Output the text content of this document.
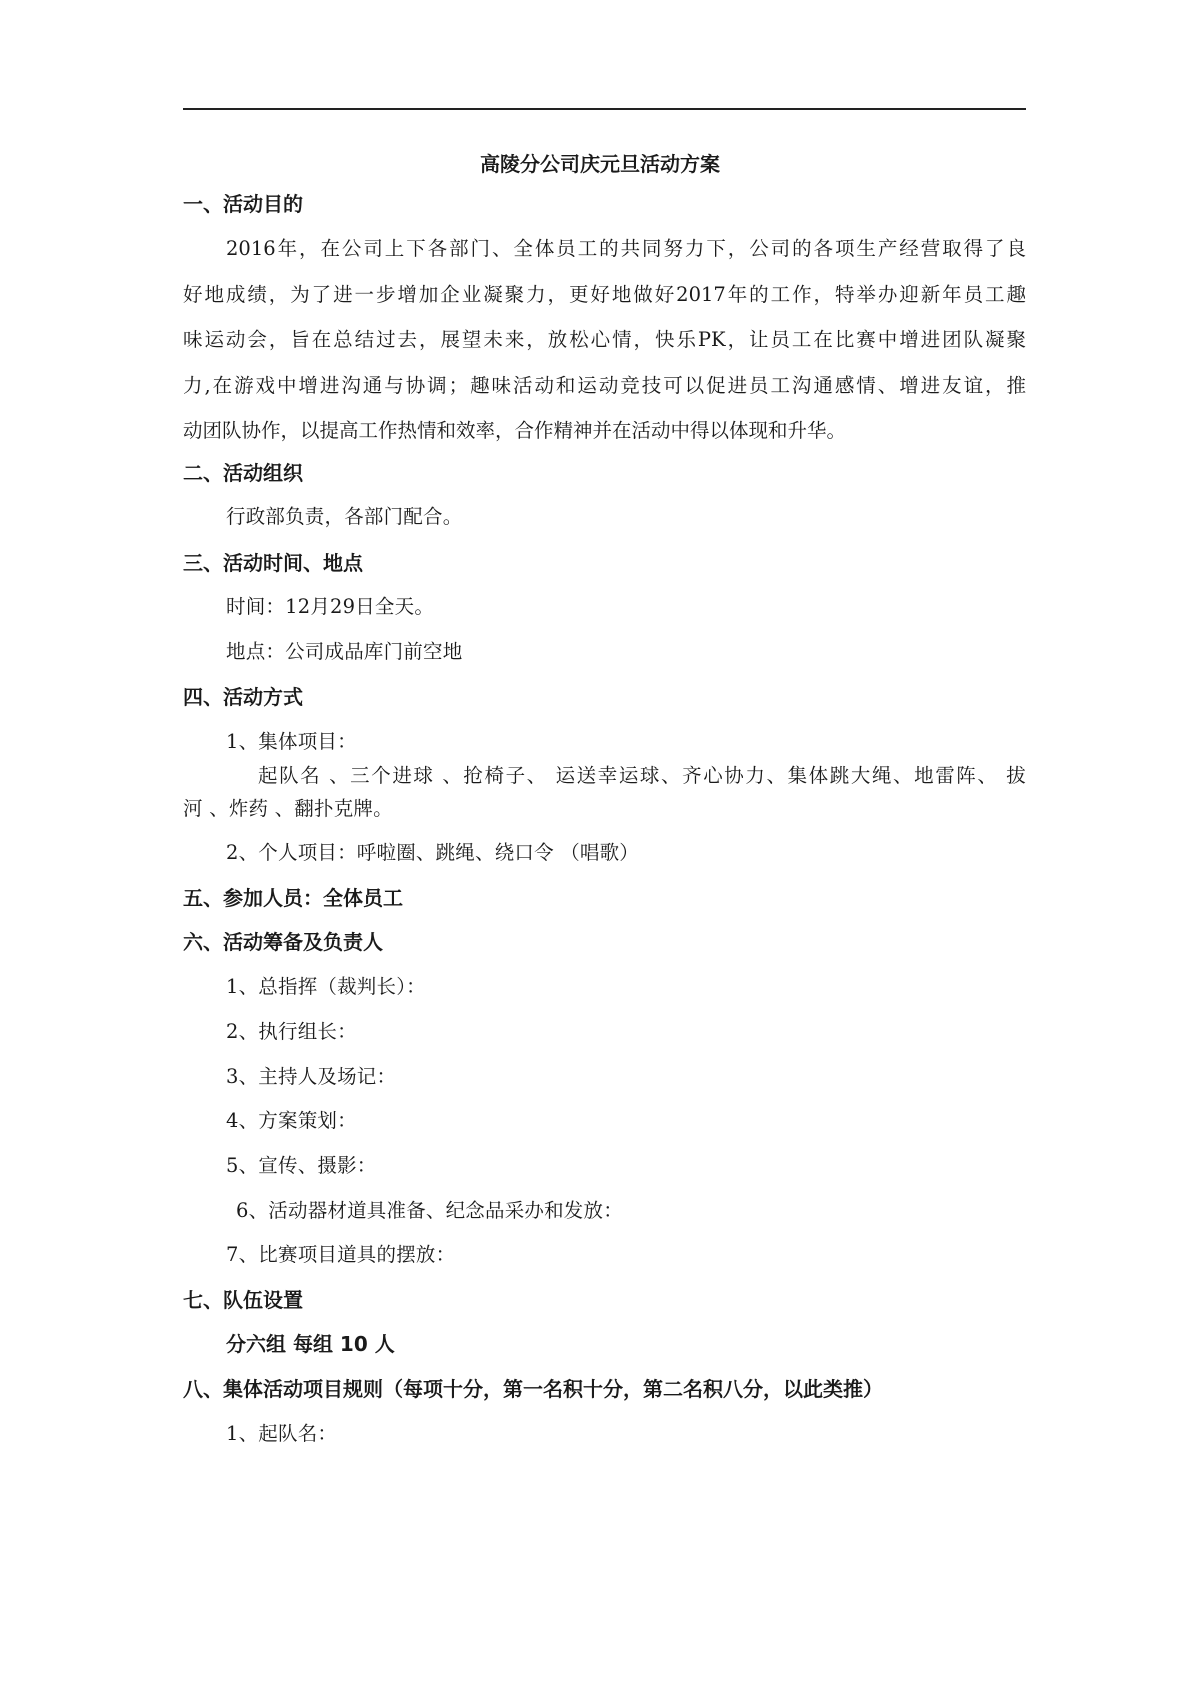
高陵分公司庆元旦活动方案
一、活动目的
2016年，在公司上下各部门、全体员工的共同努力下，公司的各项生产经营取得了良
好地成绩，为了进一步增加企业凝聚力，更好地做好2017年的工作，特举办迎新年员工趣
味运动会，旨在总结过去，展望未来，放松心情，快乐PK，让员工在比赛中增进团队凝聚
力,在游戏中增进沟通与协调；趣味活动和运动竞技可以促进员工沟通感情、增进友谊，推
动团队协作，以提高工作热情和效率，合作精神并在活动中得以体现和升华。
二、活动组织
行政部负责，各部门配合。
三、活动时间、地点
时间：12月29日全天。
地点：公司成品库门前空地
四、活动方式
1、集体项目：
起队名 、三个进球 、抢椅子、 运送幸运球、齐心协力、集体跳大绳、地雷阵、 拔
河 、炸药 、翻扑克牌。
2、个人项目：呼啦圈、跳绳、绕口令 （唱歌）
五、参加人员：全体员工
六、活动筹备及负责人
1、总指挥（裁判长）：
2、执行组长：
3、主持人及场记：
4、方案策划：
5、宣传、摄影：
6、活动器材道具准备、纪念品采办和发放：
7、比赛项目道具的摆放：
七、队伍设置
分六组 每组 10 人
八、集体活动项目规则（每项十分，第一名积十分，第二名积八分，以此类推）
1、起队名：
